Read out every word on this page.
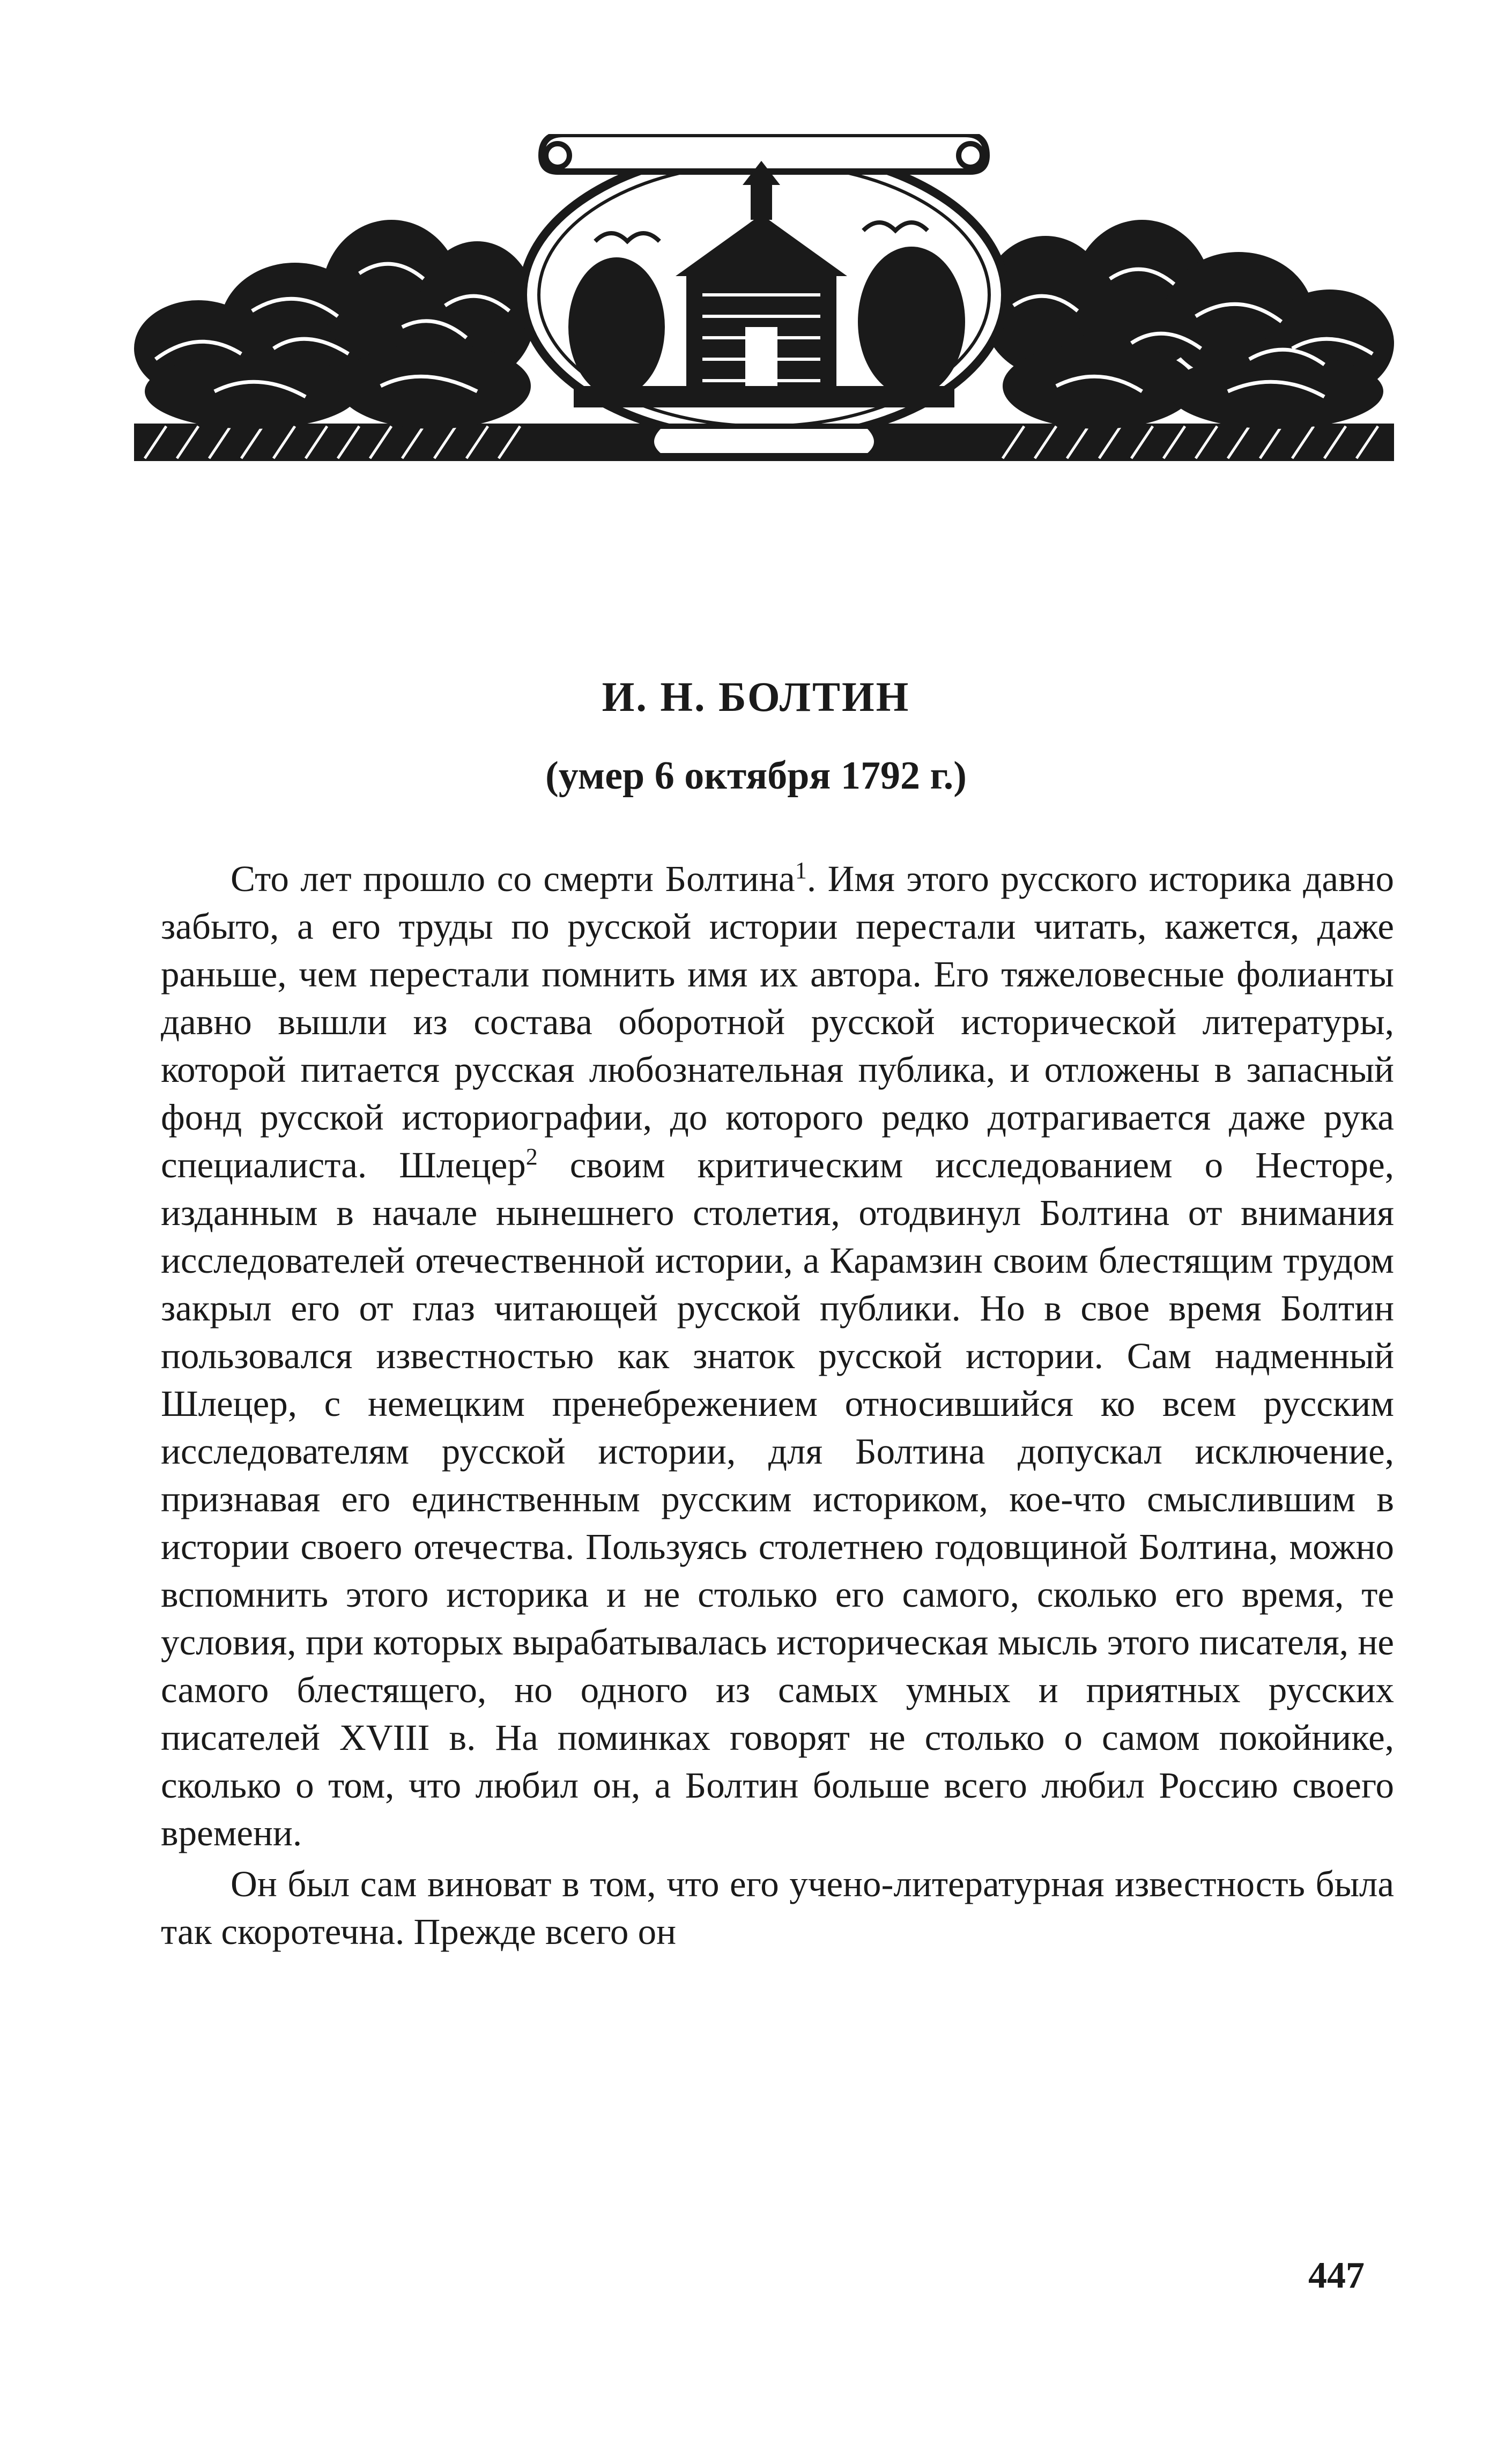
И. Н. БОЛТИН
(умер 6 октября 1792 г.)

Сто лет прошло со смерти Болтина$^1$. Имя этого русского историка давно забыто, а его труды по русской истории перестали читать, кажется, даже раньше, чем перестали помнить имя их автора. Его тяжеловесные фолианты давно вышли из состава оборотной русской исторической литературы, которой питается русская любознательная публика, и отложены в запасный фонд русской историографии, до которого редко дотрагивается даже рука специалиста. Шлецер$^2$ своим критическим исследованием о Несторе, изданным в начале нынешнего столетия, отодвинул Болтина от внимания исследователей отечественной истории, а Карамзин своим блестящим трудом закрыл его от глаз читающей русской публики. Но в свое время Болтин пользовался известностью как знаток русской истории. Сам надменный Шлецер, с немецким пренебрежением относившийся ко всем русским исследователям русской истории, для Болтина допускал исключение, признавая его единственным русским историком, кое-что смыслившим в истории своего отечества. Пользуясь столетнею годовщиной Болтина, можно вспомнить этого историка и не столько его самого, сколько его время, те условия, при которых вырабатывалась историческая мысль этого писателя, не самого блестящего, но одного из самых умных и приятных русских писателей XVIII в. На поминках говорят не столько о самом покойнике, сколько о том, что любил он, а Болтин больше всего любил Россию своего времени.

Он был сам виноват в том, что его учено-литературная известность была так скоротечна. Прежде всего он

447
